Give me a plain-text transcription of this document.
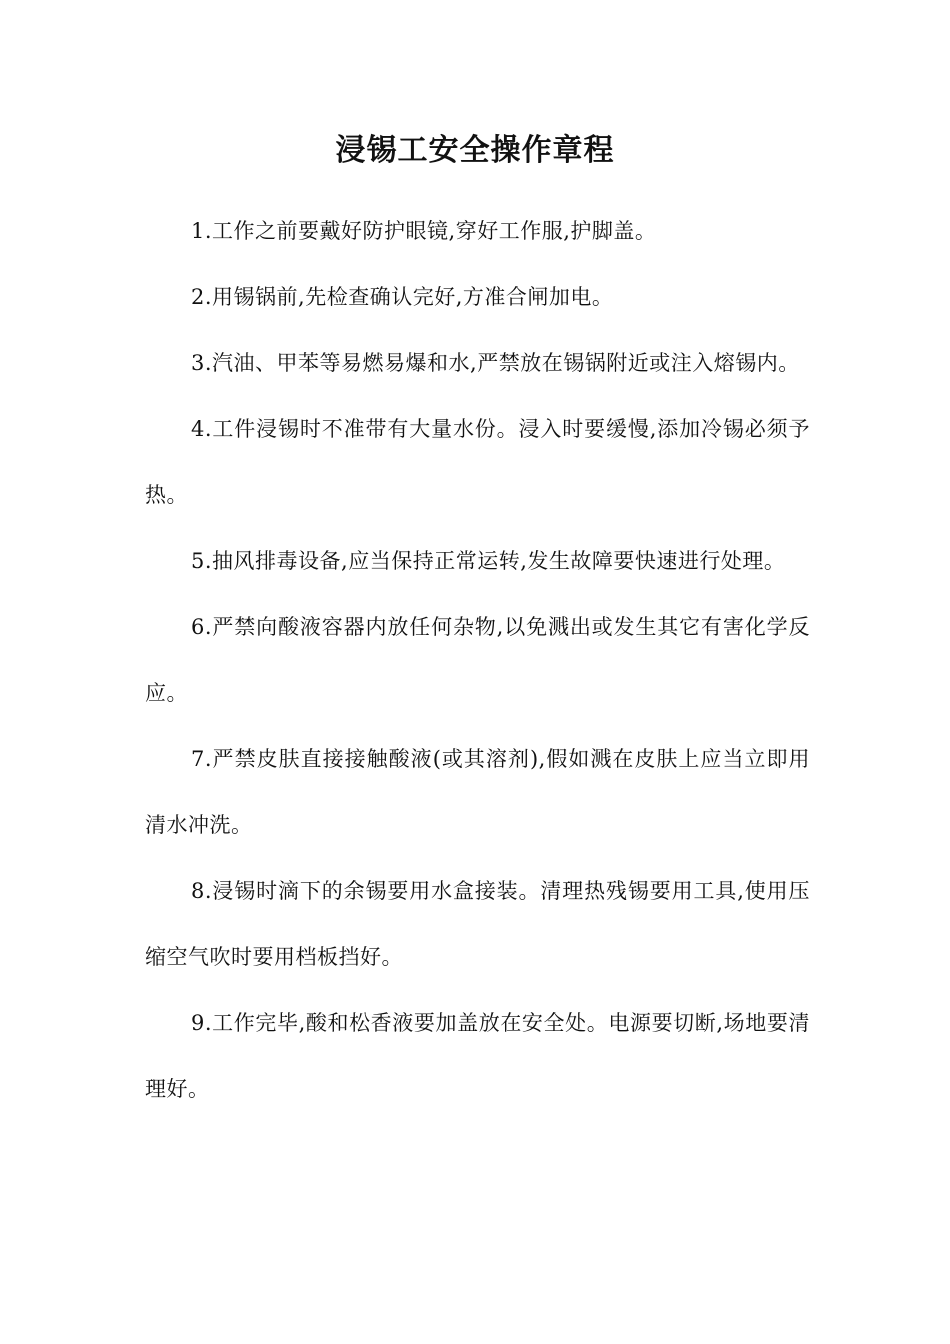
浸锡工安全操作章程

1.工作之前要戴好防护眼镜,穿好工作服,护脚盖。

2.用锡锅前,先检查确认完好,方准合闸加电。

3.汽油、甲苯等易燃易爆和水,严禁放在锡锅附近或注入熔锡内。

4.工件浸锡时不准带有大量水份。浸入时要缓慢,添加冷锡必须予热。

5.抽风排毒设备,应当保持正常运转,发生故障要快速进行处理。

6.严禁向酸液容器内放任何杂物,以免溅出或发生其它有害化学反应。

7.严禁皮肤直接接触酸液(或其溶剂),假如溅在皮肤上应当立即用清水冲洗。

8.浸锡时滴下的余锡要用水盒接装。清理热残锡要用工具,使用压缩空气吹时要用档板挡好。

9.工作完毕,酸和松香液要加盖放在安全处。电源要切断,场地要清理好。
